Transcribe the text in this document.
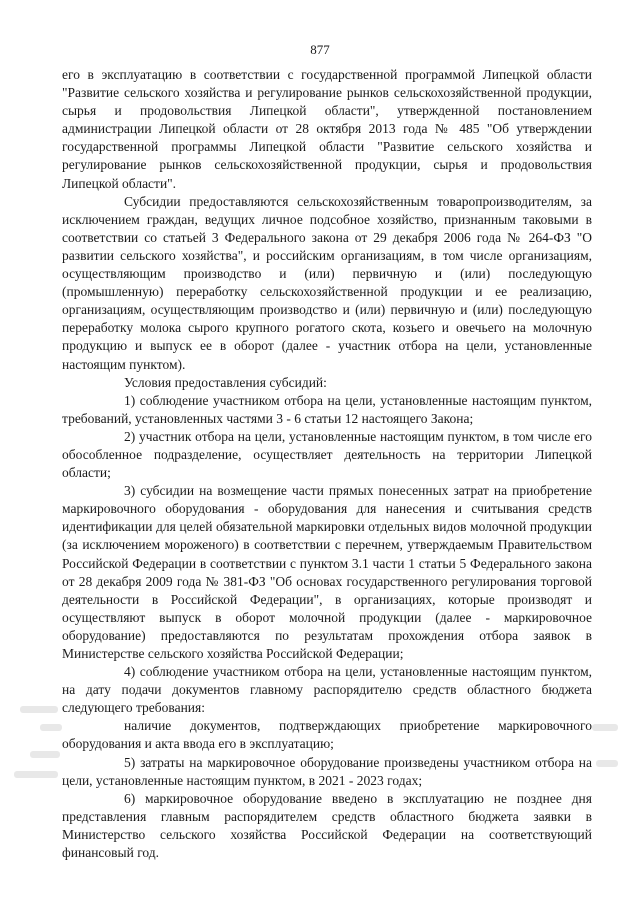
877

его в эксплуатацию в соответствии с государственной программой Липецкой области "Развитие сельского хозяйства и регулирование рынков сельскохозяйственной продукции, сырья и продовольствия Липецкой области", утвержденной постановлением администрации Липецкой области от 28 октября 2013 года № 485 "Об утверждении государственной программы Липецкой области "Развитие сельского хозяйства и регулирование рынков сельскохозяйственной продукции, сырья и продовольствия Липецкой области".

Субсидии предоставляются сельскохозяйственным товаропроизводителям, за исключением граждан, ведущих личное подсобное хозяйство, признанным таковыми в соответствии со статьей 3 Федерального закона от 29 декабря 2006 года № 264-ФЗ "О развитии сельского хозяйства", и российским организациям, в том числе организациям, осуществляющим производство и (или) первичную и (или) последующую (промышленную) переработку сельскохозяйственной продукции и ее реализацию, организациям, осуществляющим производство и (или) первичную и (или) последующую переработку молока сырого крупного рогатого скота, козьего и овечьего на молочную продукцию и выпуск ее в оборот (далее - участник отбора на цели, установленные настоящим пунктом).

Условия предоставления субсидий:

1) соблюдение участником отбора на цели, установленные настоящим пунктом, требований, установленных частями 3 - 6 статьи 12 настоящего Закона;

2) участник отбора на цели, установленные настоящим пунктом, в том числе его обособленное подразделение, осуществляет деятельность на территории Липецкой области;

3) субсидии на возмещение части прямых понесенных затрат на приобретение маркировочного оборудования - оборудования для нанесения и считывания средств идентификации для целей обязательной маркировки отдельных видов молочной продукции (за исключением мороженого) в соответствии с перечнем, утверждаемым Правительством Российской Федерации в соответствии с пунктом 3.1 части 1 статьи 5 Федерального закона от 28 декабря 2009 года № 381-ФЗ "Об основах государственного регулирования торговой деятельности в Российской Федерации", в организациях, которые производят и осуществляют выпуск в оборот молочной продукции (далее - маркировочное оборудование) предоставляются по результатам прохождения отбора заявок в Министерстве сельского хозяйства Российской Федерации;

4) соблюдение участником отбора на цели, установленные настоящим пунктом, на дату подачи документов главному распорядителю средств областного бюджета следующего требования:

наличие документов, подтверждающих приобретение маркировочного оборудования и акта ввода его в эксплуатацию;

5) затраты на маркировочное оборудование произведены участником отбора на цели, установленные настоящим пунктом, в 2021 - 2023 годах;

6) маркировочное оборудование введено в эксплуатацию не позднее дня представления главным распорядителем средств областного бюджета заявки в Министерство сельского хозяйства Российской Федерации на соответствующий финансовый год.
